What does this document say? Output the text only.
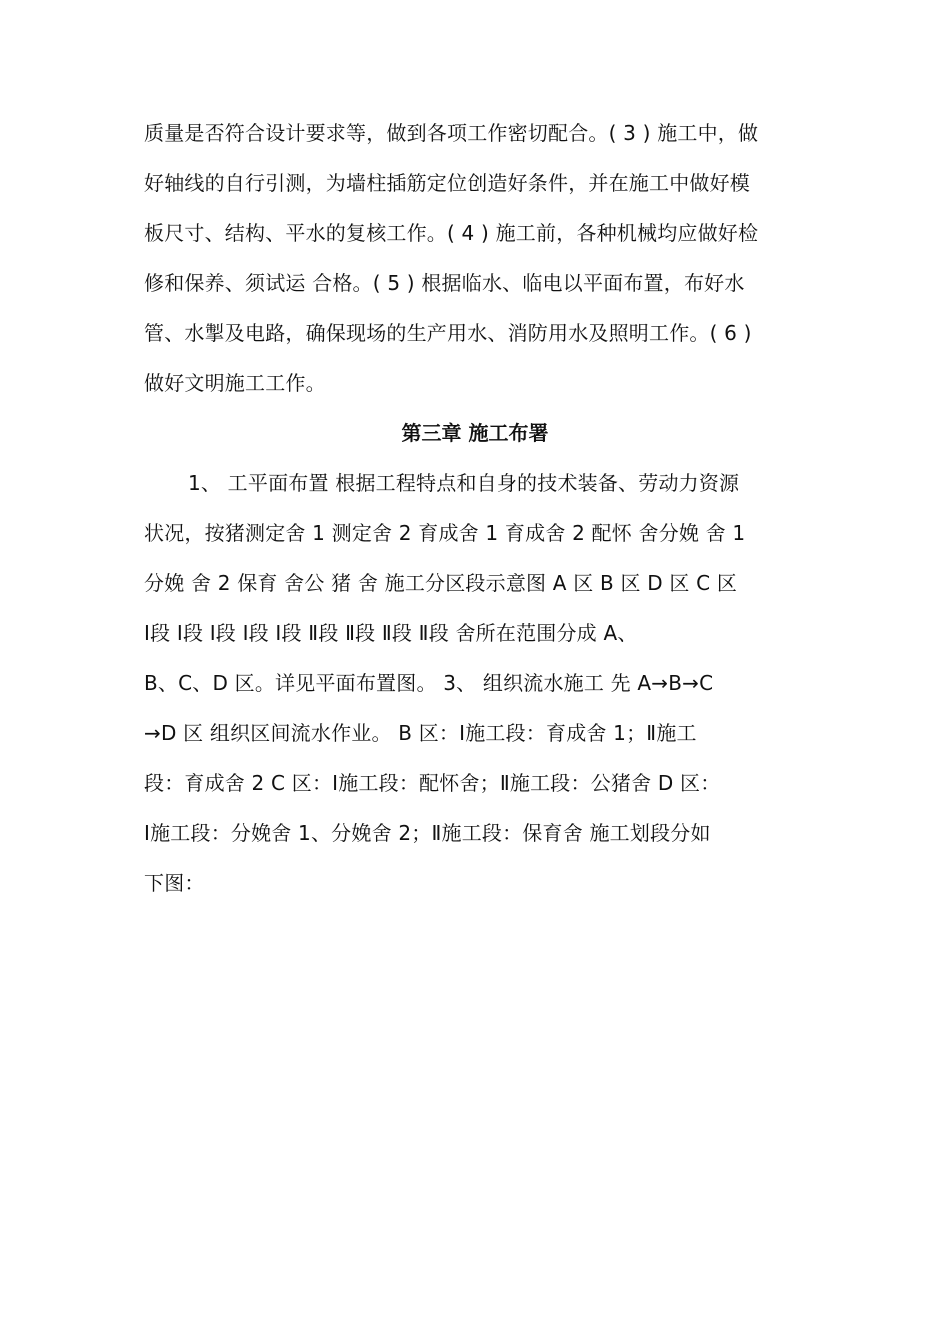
质量是否符合设计要求等，做到各项工作密切配合。( 3 ) 施工中，做
好轴线的自行引测，为墙柱插筋定位创造好条件，并在施工中做好模
板尺寸、结构、平水的复核工作。( 4 ) 施工前，各种机械均应做好检
修和保养、须试运 合格。( 5 ) 根据临水、临电以平面布置，布好水
管、水掣及电路，确保现场的生产用水、消防用水及照明工作。( 6 )
做好文明施工工作。
第三章 施工布署
1、 工平面布置 根据工程特点和自身的技术装备、劳动力资源
状况，按猪测定舍 1 测定舍 2 育成舍 1 育成舍 2 配怀 舍分娩 舍 1
分娩 舍 2 保育 舍公 猪 舍 施工分区段示意图 A 区 B 区 D 区 C 区
Ⅰ段 Ⅰ段 Ⅰ段 Ⅰ段 Ⅰ段 Ⅱ段 Ⅱ段 Ⅱ段 Ⅱ段 舍所在范围分成 A、
B、C、D 区。详见平面布置图。 3、 组织流水施工 先 A→B→C
→D 区 组织区间流水作业。 B 区：Ⅰ施工段：育成舍 1；Ⅱ施工
段：育成舍 2 C 区：Ⅰ施工段：配怀舍；Ⅱ施工段：公猪舍 D 区：
Ⅰ施工段：分娩舍 1、分娩舍 2；Ⅱ施工段：保育舍 施工划段分如
下图：
